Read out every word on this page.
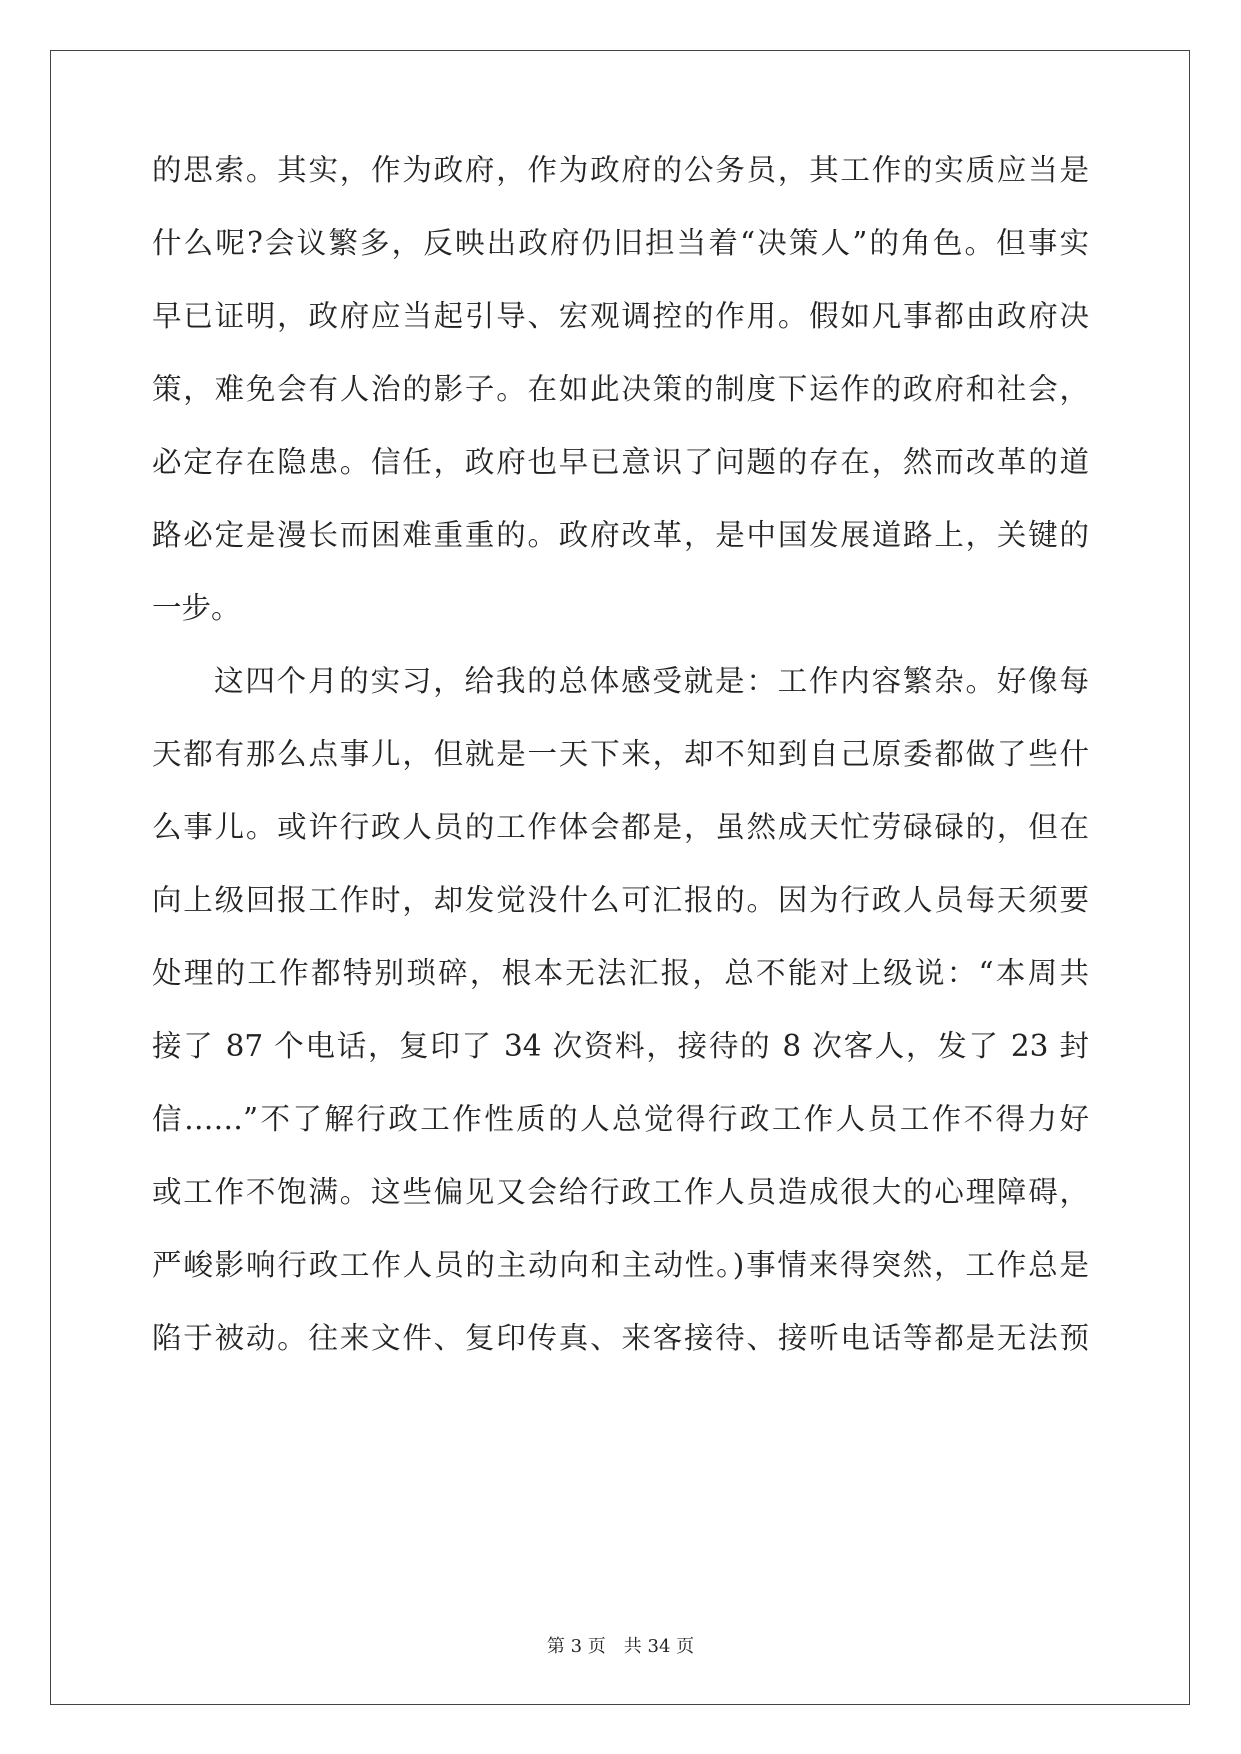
的思索。其实，作为政府，作为政府的公务员，其工作的实质应当是
什么呢?会议繁多，反映出政府仍旧担当着“决策人”的角色。但事实
早已证明，政府应当起引导、宏观调控的作用。假如凡事都由政府决
策，难免会有人治的影子。在如此决策的制度下运作的政府和社会，
必定存在隐患。信任，政府也早已意识了问题的存在，然而改革的道
路必定是漫长而困难重重的。政府改革，是中国发展道路上，关键的
一步。
这四个月的实习，给我的总体感受就是：工作内容繁杂。好像每
天都有那么点事儿，但就是一天下来，却不知到自己原委都做了些什
么事儿。或许行政人员的工作体会都是，虽然成天忙劳碌碌的，但在
向上级回报工作时，却发觉没什么可汇报的。因为行政人员每天须要
处理的工作都特别琐碎，根本无法汇报，总不能对上级说：“本周共
接了 87 个电话，复印了 34 次资料，接待的 8 次客人，发了 23 封
信……”不了解行政工作性质的人总觉得行政工作人员工作不得力好
或工作不饱满。这些偏见又会给行政工作人员造成很大的心理障碍，
严峻影响行政工作人员的主动向和主动性。)事情来得突然，工作总是
陷于被动。往来文件、复印传真、来客接待、接听电话等都是无法预
第 3 页　共 34 页
